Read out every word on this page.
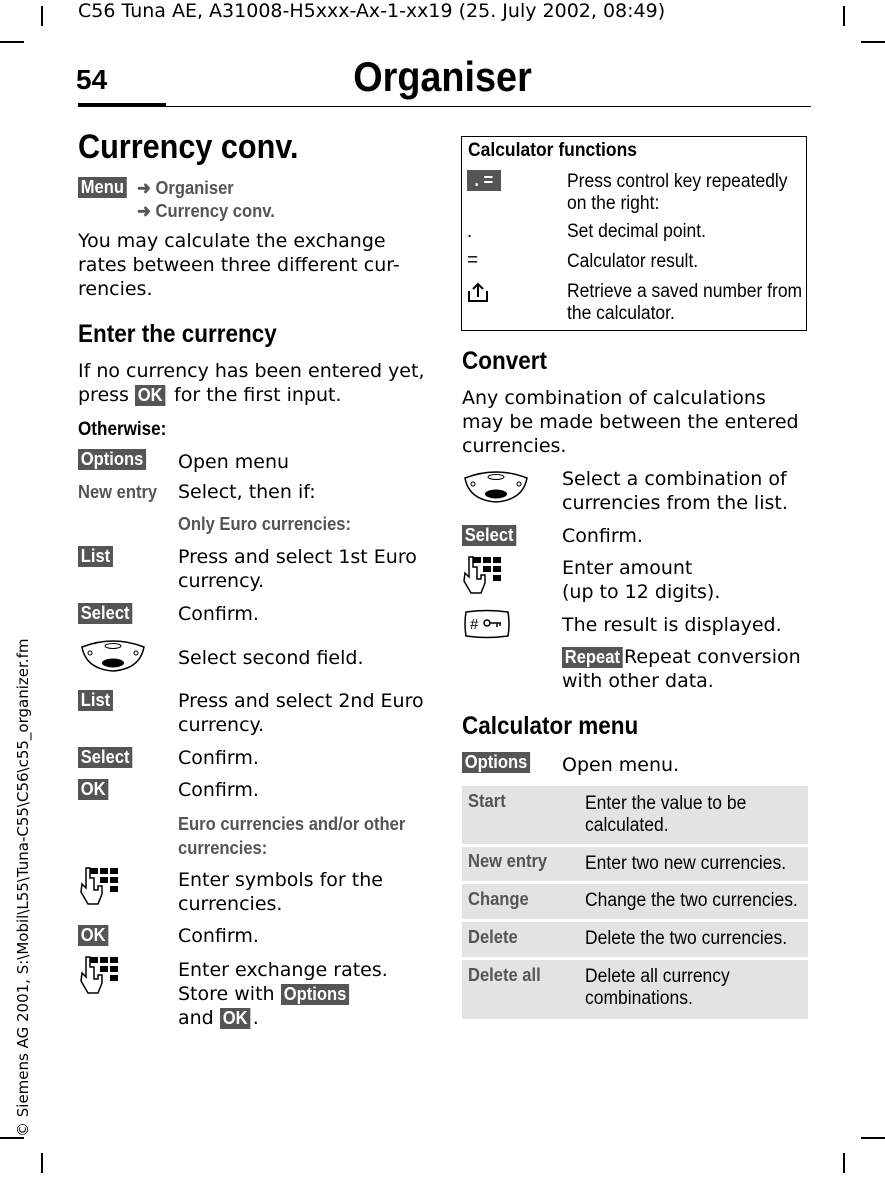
C56 Tuna AE, A31008-H5xxx-Ax-1-xx19 (25. July 2002, 08:49)
54	Organiser
© Siemens AG 2001, S:\Mobil\L55\Tuna-C55\C56\c55_organizer.fm
Currency conv.
Menu ➜ Organiser
➜ Currency conv.
You may calculate the exchange
rates between three different cur-
rencies.
Enter the currency
If no currency has been entered yet,
press OK for the first input.
Otherwise:
Options	Open menu
New entry Select, then if:
Only Euro currencies:
List	Press and select 1st Euro
currency.
Select	Confirm.
Select second field.
List	Press and select 2nd Euro
currency.
Select	Confirm.
OK	Confirm.
Euro currencies and/or other
currencies:
Enter symbols for the
currencies.
OK	Confirm.
Enter exchange rates.
Store with Options
and OK .
Calculator functions
. =	Press control key repeatedly
on the right:
.	Set decimal point.
=	Calculator result.
Retrieve a saved number from
the calculator.
Convert
Any combination of calculations
may be made between the entered
currencies.
Select a combination of
currencies from the list.
Select	Confirm.
Enter amount
(up to 12 digits).
#	The result is displayed.
Repeat Repeat conversion
with other data.
Calculator menu
Options	Open menu.
Start	Enter the value to be
calculated.
New entry Enter two new currencies.
Change	Change the two currencies.
Delete	Delete the two currencies.
Delete all Delete all currency
combinations.
